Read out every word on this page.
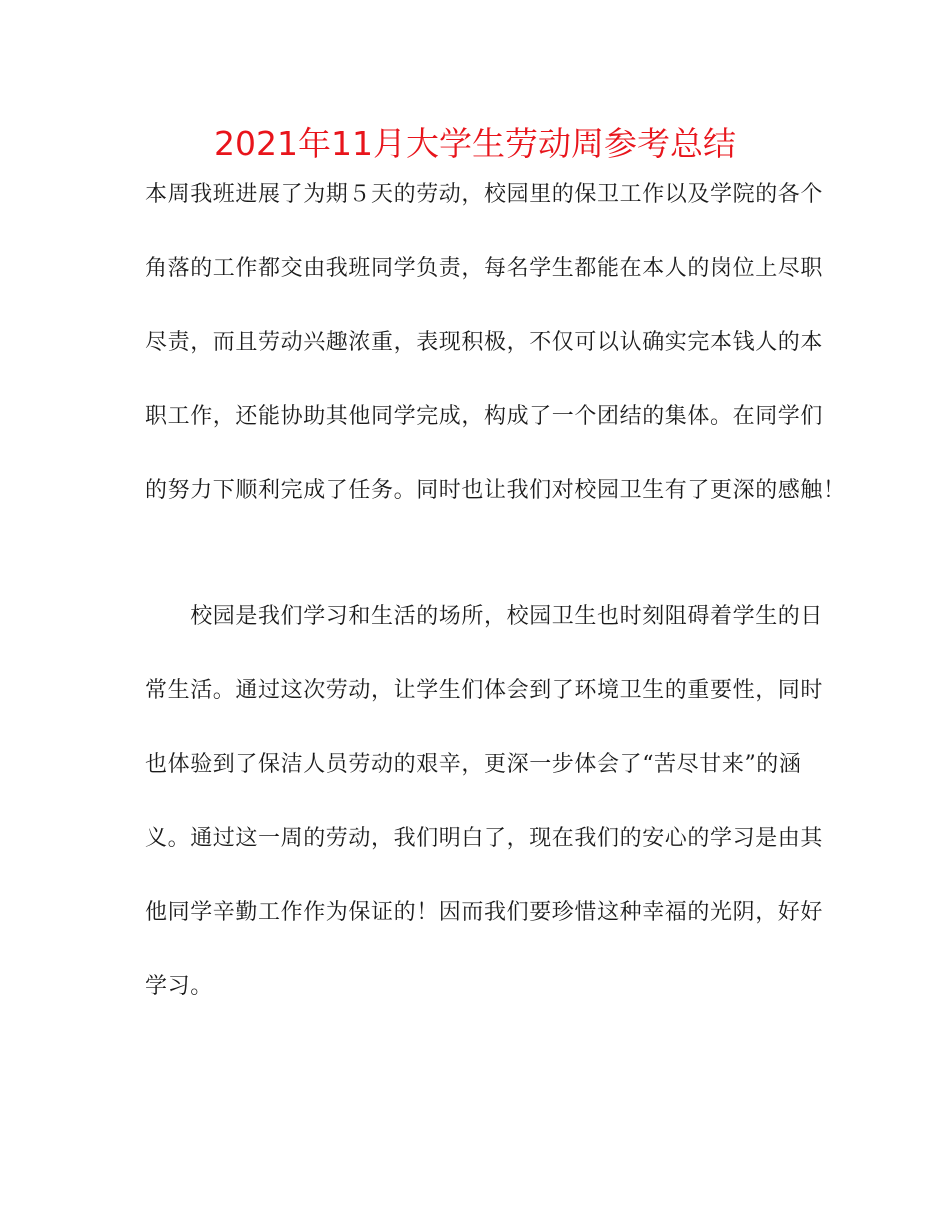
2021年11月大学生劳动周参考总结
本周我班进展了为期５天的劳动，校园里的保卫工作以及学院的各个
角落的工作都交由我班同学负责，每名学生都能在本人的岗位上尽职
尽责，而且劳动兴趣浓重，表现积极，不仅可以认确实完本钱人的本
职工作，还能协助其他同学完成，构成了一个团结的集体。在同学们
的努力下顺利完成了任务。同时也让我们对校园卫生有了更深的感触！
　　校园是我们学习和生活的场所，校园卫生也时刻阻碍着学生的日
常生活。通过这次劳动，让学生们体会到了环境卫生的重要性，同时
也体验到了保洁人员劳动的艰辛，更深一步体会了“苦尽甘来”的涵
义。通过这一周的劳动，我们明白了，现在我们的安心的学习是由其
他同学辛勤工作作为保证的！因而我们要珍惜这种幸福的光阴，好好
学习。
